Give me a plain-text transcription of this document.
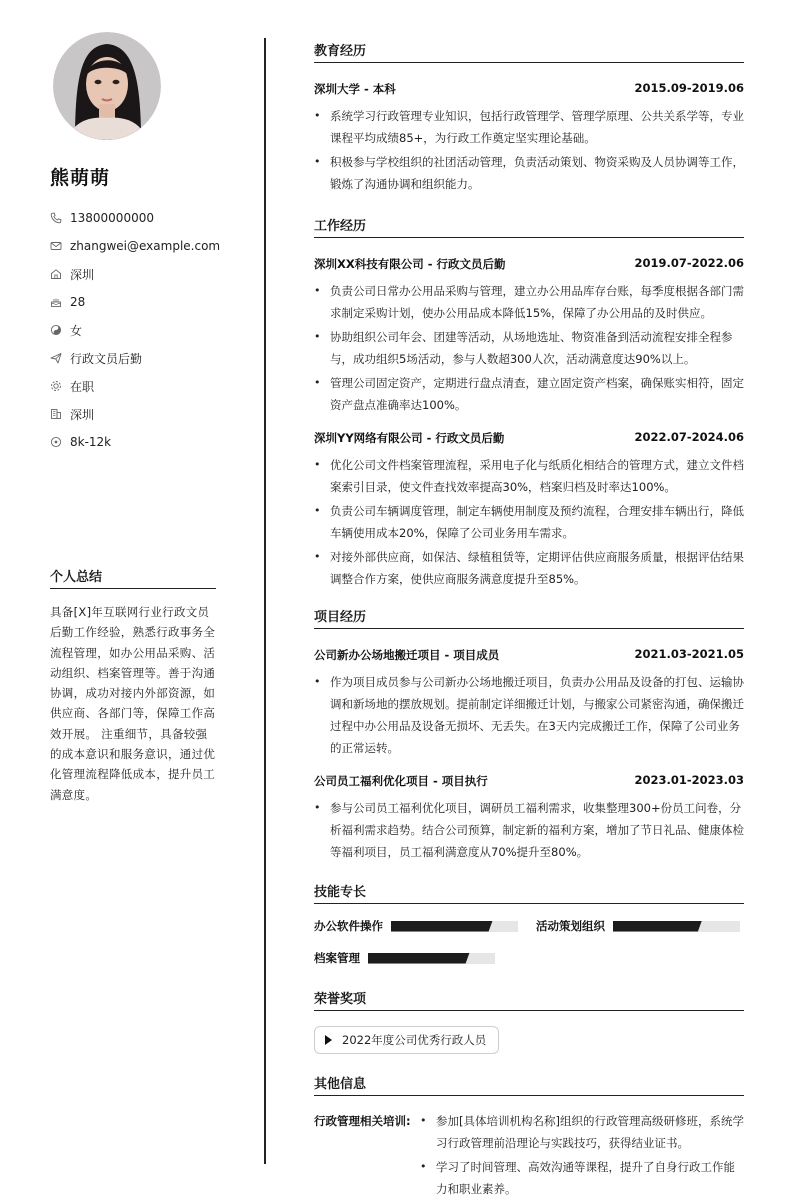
熊萌萌
13800000000
zhangwei@example.com
深圳
28
女
行政文员后勤
在职
深圳
8k-12k
个人总结

具备[X]年互联网行业行政文员后勤工作经验，熟悉行政事务全流程管理，如办公用品采购、活动组织、档案管理等。善于沟通协调，成功对接内外部资源，如供应商、各部门等，保障工作高效开展。 注重细节，具备较强的成本意识和服务意识，通过优化管理流程降低成本，提升员工满意度。

教育经历
深圳大学 - 本科	2015.09-2019.06
• 系统学习行政管理专业知识，包括行政管理学、管理学原理、公共关系学等，专业课程平均成绩85+，为行政工作奠定坚实理论基础。
• 积极参与学校组织的社团活动管理，负责活动策划、物资采购及人员协调等工作，锻炼了沟通协调和组织能力。
工作经历
深圳XX科技有限公司 - 行政文员后勤	2019.07-2022.06
• 负责公司日常办公用品采购与管理，建立办公用品库存台账，每季度根据各部门需求制定采购计划，使办公用品成本降低15%，保障了办公用品的及时供应。
• 协助组织公司年会、团建等活动，从场地选址、物资准备到活动流程安排全程参与，成功组织5场活动，参与人数超300人次，活动满意度达90%以上。
• 管理公司固定资产，定期进行盘点清查，建立固定资产档案，确保账实相符，固定资产盘点准确率达100%。
深圳YY网络有限公司 - 行政文员后勤	2022.07-2024.06
• 优化公司文件档案管理流程，采用电子化与纸质化相结合的管理方式，建立文件档案索引目录，使文件查找效率提高30%，档案归档及时率达100%。
• 负责公司车辆调度管理，制定车辆使用制度及预约流程，合理安排车辆出行，降低车辆使用成本20%，保障了公司业务用车需求。
• 对接外部供应商，如保洁、绿植租赁等，定期评估供应商服务质量，根据评估结果调整合作方案，使供应商服务满意度提升至85%。
项目经历
公司新办公场地搬迁项目 - 项目成员	2021.03-2021.05
• 作为项目成员参与公司新办公场地搬迁项目，负责办公用品及设备的打包、运输协调和新场地的摆放规划。提前制定详细搬迁计划，与搬家公司紧密沟通，确保搬迁过程中办公用品及设备无损坏、无丢失。在3天内完成搬迁工作，保障了公司业务的正常运转。
公司员工福利优化项目 - 项目执行	2023.01-2023.03
• 参与公司员工福利优化项目，调研员工福利需求，收集整理300+份员工问卷，分析福利需求趋势。结合公司预算，制定新的福利方案，增加了节日礼品、健康体检等福利项目，员工福利满意度从70%提升至80%。
技能专长
办公软件操作	活动策划组织
档案管理
荣誉奖项
2022年度公司优秀行政人员
其他信息
行政管理相关培训:
•	参加[具体培训机构名称]组织的行政管理高级研修班，系统学习行政管理前沿理论与实践技巧，获得结业证书。
• 学习了时间管理、高效沟通等课程，提升了自身行政工作能力和职业素养。
